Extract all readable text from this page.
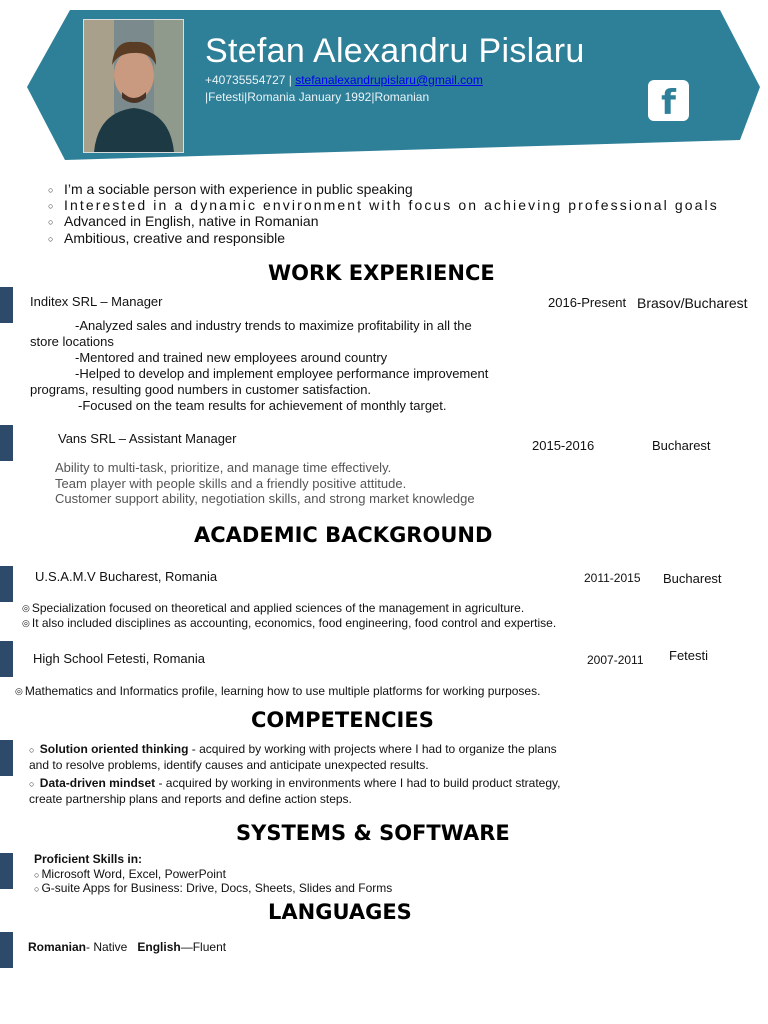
Stefan Alexandru Pislaru
+40735554727 | stefanalexandrupislaru@gmail.com
|Fetesti|Romania January 1992|Romanian	f
○ I’m a sociable person with experience in public speaking
○ Interested in a dynamic environment with focus on achieving professional goals
○ Advanced in English, native in Romanian
○ Ambitious, creative and responsible
WORK EXPERIENCE
Inditex SRL – Manager	2016-Present Brasov/Bucharest
-Analyzed sales and industry trends to maximize profitability in all the
store locations
-Mentored and trained new employees around country
-Helped to develop and implement employee performance improvement
programs, resulting good numbers in customer satisfaction.
-Focused on the team results for achievement of monthly target.
Vans SRL – Assistant Manager	2015-2016	Bucharest
Ability to multi-task, prioritize, and manage time effectively.
Team player with people skills and a friendly positive attitude.
Customer support ability, negotiation skills, and strong market knowledge
ACADEMIC BACKGROUND
U.S.A.M.V Bucharest, Romania	2011-2015 Bucharest
◎ Specialization focused on theoretical and applied sciences of the management in agriculture.
◎ It also included disciplines as accounting, economics, food engineering, food control and expertise.
High School Fetesti, Romania	2007-2011 Fetesti
◎ Mathematics and Informatics profile, learning how to use multiple platforms for working purposes.
COMPETENCIES
○ Solution oriented thinking - acquired by working with projects where I had to organize the plans
and to resolve problems, identify causes and anticipate unexpected results.
○ Data-driven mindset - acquired by working in environments where I had to build product strategy,
create partnership plans and reports and define action steps.
SYSTEMS & SOFTWARE
Proficient Skills in:
○ Microsoft Word, Excel, PowerPoint
○ G-suite Apps for Business: Drive, Docs, Sheets, Slides and Forms
LANGUAGES
Romanian- Native English—Fluent
